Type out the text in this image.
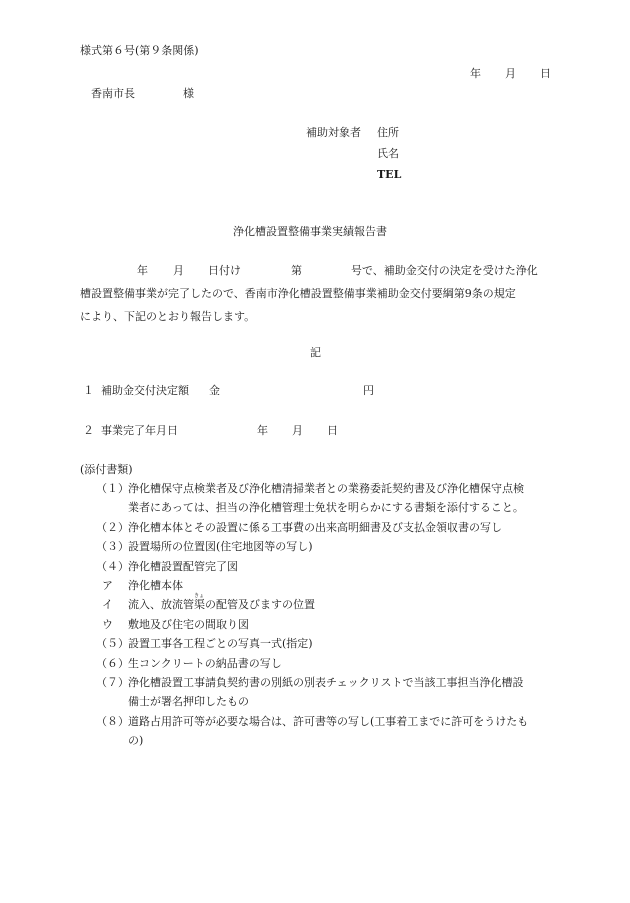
様式第６号(第９条関係)
年 月 日
香南市長	様
補助対象者 住所
氏名
TEL
浄化槽設置整備事業実績報告書
年 月 日付け	第	号で、補助金交付の決定を受けた浄化
槽設置整備事業が完了したので、香南市浄化槽設置整備事業補助金交付要綱第9条の規定
により、下記のとおり報告します。
記
１ 補助金交付決定額 金	円
２ 事業完了年月日	年 月 日
(添付書類)
（１） 浄化槽保守点検業者及び浄化槽清掃業者との業務委託契約書及び浄化槽保守点検
業者にあっては、担当の浄化槽管理士免状を明らかにする書類を添付すること。
（２） 浄化槽本体とその設置に係る工事費の出来高明細書及び支払金領収書の写し
（３） 設置場所の位置図(住宅地図等の写し)
（４） 浄化槽設置配管完了図
ア 浄化槽本体
イ 流入、放流管
きょ
渠の配管及びますの位置
ウ 敷地及び住宅の間取り図
（５） 設置工事各工程ごとの写真一式(指定)
（６） 生コンクリートの納品書の写し
（７） 浄化槽設置工事請負契約書の別紙の別表チェックリストで当該工事担当浄化槽設
備士が署名押印したもの
（８） 道路占用許可等が必要な場合は、許可書等の写し(工事着工までに許可をうけたも
の)
